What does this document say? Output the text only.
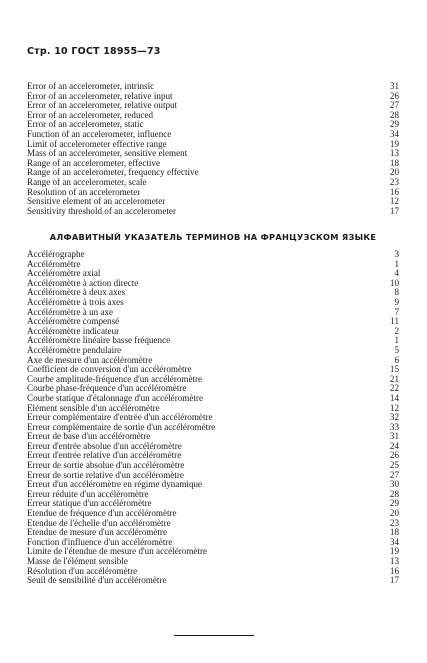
Стр. 10 ГОСТ 18955—73
Error of an accelerometer, intrinsic	31
Error of an accelerometer, relative input	26
Error of an accelerometer, relative output	27
Error of an accelerometer, reduced	28
Error of an accelerometer, static	29
Function of an accelerometer, influence	34
Limit of accelerometer effective range	19
Mass of an accelerometer, sensitive element	13
Range of an accelerometer, effective	18
Range of an accelerometer, frequency effective	20
Range of an accelerometer, scale	23
Resolution of an accelerometer	16
Sensitive element of an accelerometer	12
Sensitivity threshold of an accelerometer	17
АЛФАВИТНЫЙ УКАЗАТЕЛЬ ТЕРМИНОВ НА ФРАНЦУЗСКОМ ЯЗЫКЕ
Accélérographe	3
Accéléromètre	1
Accéléromètre axial	4
Accéléromètre à action directe	10
Accéléromètre à deux axes	8
Accéléromètre à trois axes	9
Accéléromètre à un axe	7
Accéléromètre compensé	11
Accéléromètre indicateur	2
Accéléromètre linéaire basse fréquence	1
Accéléromètre pendulaire	5
Axe de mesure d'un accéléromètre	6
Coefficient de conversion d'un accéléromètre	15
Courbe amplitude-fréquence d'un accéléromètre	21
Courbe phase-fréquence d'un accéléromètre	22
Courbe statique d'étalonnage d'un accéléromètre	14
Elément sensible d'un accéléromètre	12
Erreur complémentaire d'entrée d'un accéléromètre	32
Erreur complémentaire de sortie d'un accéléromètre	33
Erreur de base d'un accéléromètre	31
Erreur d'entrée absolue d'un accéléromètre	24
Erreur d'entrée relative d'un accéléromètre	26
Erreur de sortie absolue d'un accéléromètre	25
Erreur de sortie relative d'un accéléromètre	27
Erreur d'un accéléromètre en régime dynamique	30
Erreur réduite d'un accéléromètre	28
Erreur statique d'un accéléromètre	29
Etendue de fréquence d'un accéléromètre	20
Etendue de l'échelle d'un accéléromètre	23
Etendue de mesure d'un accéléromètre	18
Fonction d'influence d'un accéléromètre	34
Limite de l'étendue de mesure d'un accéléromètre	19
Masse de l'élément sensible	13
Résolution d'un accéléromètre	16
Seuil de sensibilité d'un accéléromètre	17
